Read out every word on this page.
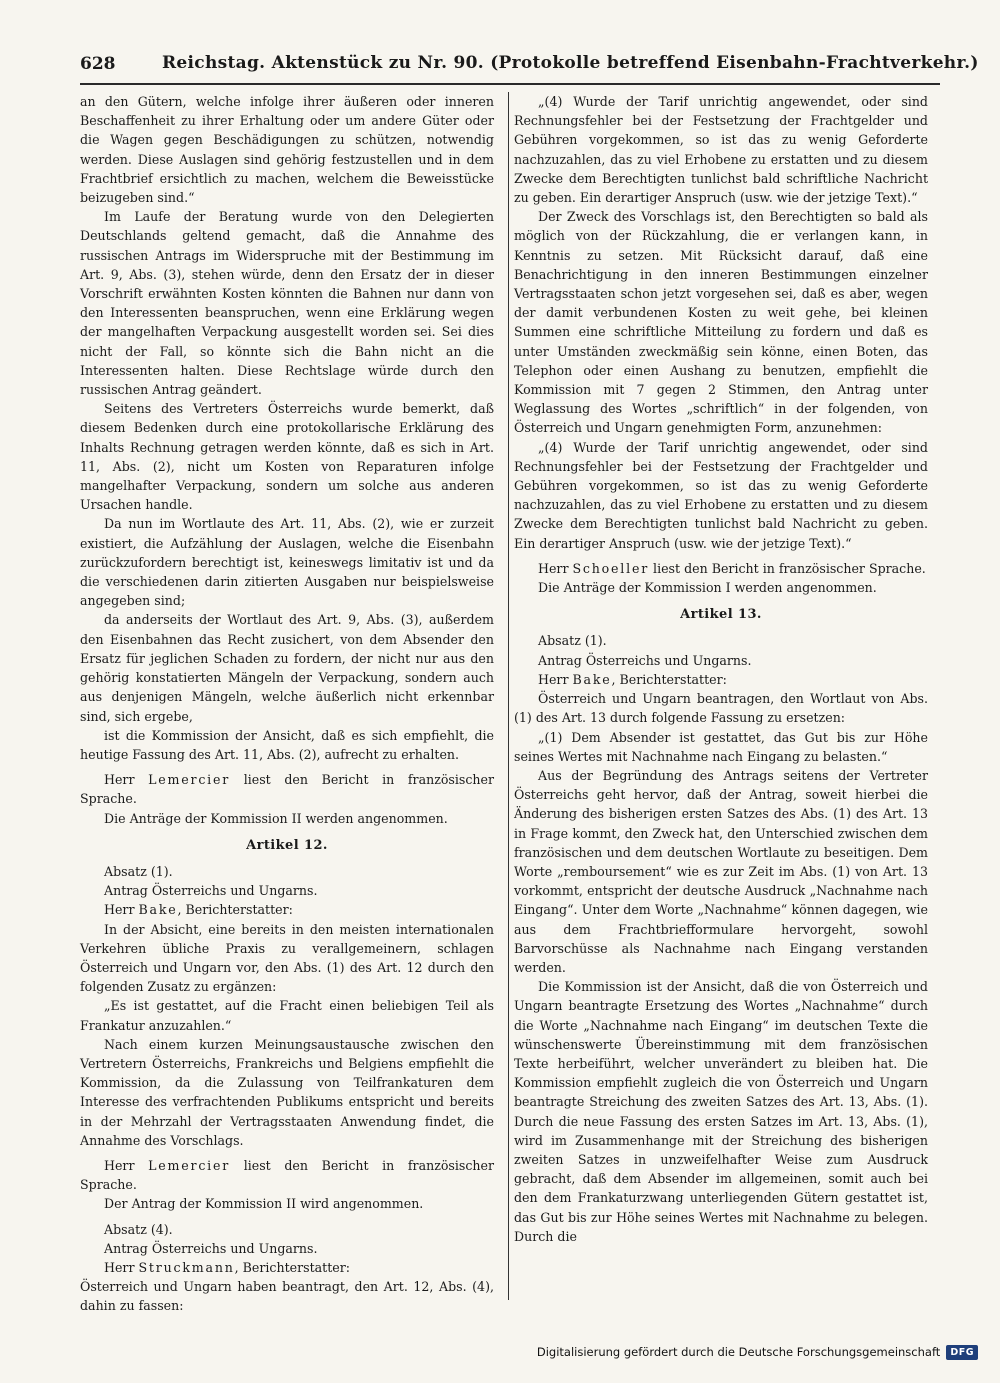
628	Reichstag. Aktenstück zu Nr. 90. (Protokolle betreffend Eisenbahn-Frachtverkehr.)

an den Gütern, welche infolge ihrer äußeren oder inneren Beschaffenheit zu ihrer Erhaltung oder um andere Güter oder die Wagen gegen Beschädigungen zu schützen, notwendig werden. Diese Auslagen sind gehörig festzustellen und in dem Frachtbrief ersichtlich zu machen, welchem die Beweisstücke beizugeben sind.“

Im Laufe der Beratung wurde von den Delegierten Deutschlands geltend gemacht, daß die Annahme des russischen Antrags im Widerspruche mit der Bestimmung im Art. 9, Abs. (3), stehen würde, denn den Ersatz der in dieser Vorschrift erwähnten Kosten könnten die Bahnen nur dann von den Interessenten beanspruchen, wenn eine Erklärung wegen der mangelhaften Verpackung ausgestellt worden sei. Sei dies nicht der Fall, so könnte sich die Bahn nicht an die Interessenten halten. Diese Rechtslage würde durch den russischen Antrag geändert.

Seitens des Vertreters Österreichs wurde bemerkt, daß diesem Bedenken durch eine protokollarische Erklärung des Inhalts Rechnung getragen werden könnte, daß es sich in Art. 11, Abs. (2), nicht um Kosten von Reparaturen infolge mangelhafter Verpackung, sondern um solche aus anderen Ursachen handle.

Da nun im Wortlaute des Art. 11, Abs. (2), wie er zurzeit existiert, die Aufzählung der Auslagen, welche die Eisenbahn zurückzufordern berechtigt ist, keineswegs limitativ ist und da die verschiedenen darin zitierten Ausgaben nur beispielsweise angegeben sind;

da anderseits der Wortlaut des Art. 9, Abs. (3), außerdem den Eisenbahnen das Recht zusichert, von dem Absender den Ersatz für jeglichen Schaden zu fordern, der nicht nur aus den gehörig konstatierten Mängeln der Verpackung, sondern auch aus denjenigen Mängeln, welche äußerlich nicht erkennbar sind, sich ergebe,

ist die Kommission der Ansicht, daß es sich empfiehlt, die heutige Fassung des Art. 11, Abs. (2), aufrecht zu erhalten.

Herr Lemercier liest den Bericht in französischer Sprache.

Die Anträge der Kommission II werden angenommen.

Artikel 12.

Absatz (1).

Antrag Österreichs und Ungarns.

Herr Bake, Berichterstatter:

In der Absicht, eine bereits in den meisten internationalen Verkehren übliche Praxis zu verallgemeinern, schlagen Österreich und Ungarn vor, den Abs. (1) des Art. 12 durch den folgenden Zusatz zu ergänzen:

„Es ist gestattet, auf die Fracht einen beliebigen Teil als Frankatur anzuzahlen.“

Nach einem kurzen Meinungsaustausche zwischen den Vertretern Österreichs, Frankreichs und Belgiens empfiehlt die Kommission, da die Zulassung von Teilfrankaturen dem Interesse des verfrachtenden Publikums entspricht und bereits in der Mehrzahl der Vertragsstaaten Anwendung findet, die Annahme des Vorschlags.

Herr Lemercier liest den Bericht in französischer Sprache.

Der Antrag der Kommission II wird angenommen.

Absatz (4).

Antrag Österreichs und Ungarns.

Herr Struckmann, Berichterstatter:

Österreich und Ungarn haben beantragt, den Art. 12, Abs. (4), dahin zu fassen:

„(4) Wurde der Tarif unrichtig angewendet, oder sind Rechnungsfehler bei der Festsetzung der Frachtgelder und Gebühren vorgekommen, so ist das zu wenig Geforderte nachzuzahlen, das zu viel Erhobene zu erstatten und zu diesem Zwecke dem Berechtigten tunlichst bald schriftliche Nachricht zu geben. Ein derartiger Anspruch (usw. wie der jetzige Text).“

Der Zweck des Vorschlags ist, den Berechtigten so bald als möglich von der Rückzahlung, die er verlangen kann, in Kenntnis zu setzen. Mit Rücksicht darauf, daß eine Benachrichtigung in den inneren Bestimmungen einzelner Vertragsstaaten schon jetzt vorgesehen sei, daß es aber, wegen der damit verbundenen Kosten zu weit gehe, bei kleinen Summen eine schriftliche Mitteilung zu fordern und daß es unter Umständen zweckmäßig sein könne, einen Boten, das Telephon oder einen Aushang zu benutzen, empfiehlt die Kommission mit 7 gegen 2 Stimmen, den Antrag unter Weglassung des Wortes „schriftlich“ in der folgenden, von Österreich und Ungarn genehmigten Form, anzunehmen:

„(4) Wurde der Tarif unrichtig angewendet, oder sind Rechnungsfehler bei der Festsetzung der Frachtgelder und Gebühren vorgekommen, so ist das zu wenig Geforderte nachzuzahlen, das zu viel Erhobene zu erstatten und zu diesem Zwecke dem Berechtigten tunlichst bald Nachricht zu geben. Ein derartiger Anspruch (usw. wie der jetzige Text).“

Herr Schoeller liest den Bericht in französischer Sprache.

Die Anträge der Kommission I werden angenommen.

Artikel 13.

Absatz (1).

Antrag Österreichs und Ungarns.

Herr Bake, Berichterstatter:

Österreich und Ungarn beantragen, den Wortlaut von Abs. (1) des Art. 13 durch folgende Fassung zu ersetzen:

„(1) Dem Absender ist gestattet, das Gut bis zur Höhe seines Wertes mit Nachnahme nach Eingang zu belasten.“

Aus der Begründung des Antrags seitens der Vertreter Österreichs geht hervor, daß der Antrag, soweit hierbei die Änderung des bisherigen ersten Satzes des Abs. (1) des Art. 13 in Frage kommt, den Zweck hat, den Unterschied zwischen dem französischen und dem deutschen Wortlaute zu beseitigen. Dem Worte „remboursement“ wie es zur Zeit im Abs. (1) von Art. 13 vorkommt, entspricht der deutsche Ausdruck „Nachnahme nach Eingang“. Unter dem Worte „Nachnahme“ können dagegen, wie aus dem Frachtbriefformulare hervorgeht, sowohl Barvorschüsse als Nachnahme nach Eingang verstanden werden.

Die Kommission ist der Ansicht, daß die von Österreich und Ungarn beantragte Ersetzung des Wortes „Nachnahme“ durch die Worte „Nachnahme nach Eingang“ im deutschen Texte die wünschenswerte Übereinstimmung mit dem französischen Texte herbeiführt, welcher unverändert zu bleiben hat. Die Kommission empfiehlt zugleich die von Österreich und Ungarn beantragte Streichung des zweiten Satzes des Art. 13, Abs. (1). Durch die neue Fassung des ersten Satzes im Art. 13, Abs. (1), wird im Zusammenhange mit der Streichung des bisherigen zweiten Satzes in unzweifelhafter Weise zum Ausdruck gebracht, daß dem Absender im allgemeinen, somit auch bei den dem Frankaturzwang unterliegenden Gütern gestattet ist, das Gut bis zur Höhe seines Wertes mit Nachnahme zu belegen. Durch die

Digitalisierung gefördert durch die Deutsche Forschungsgemeinschaft	DFG
